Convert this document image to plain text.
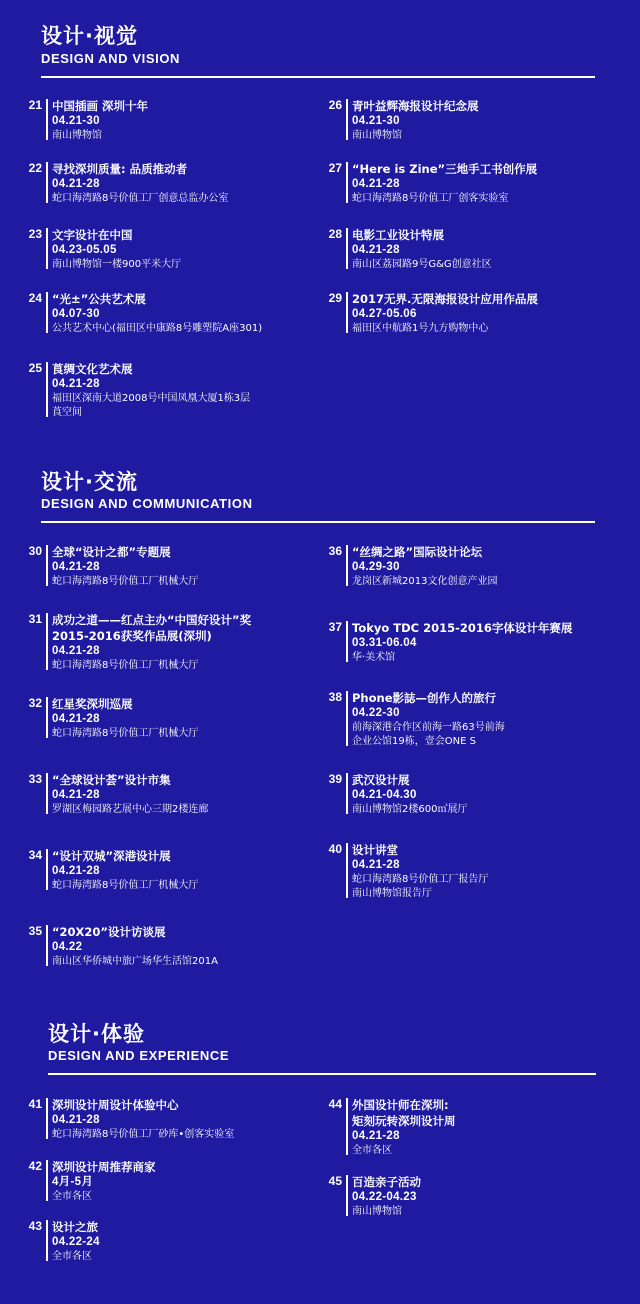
设计·视觉
DESIGN AND VISION
设计·交流
DESIGN AND COMMUNICATION
设计·体验
DESIGN AND EXPERIENCE
21 中国插画 深圳十年
04.21-30
南山博物馆
22 寻找深圳质量: 品质推动者
04.21-28
蛇口海湾路8号价值工厂创意总监办公室
23 文字设计在中国
04.23-05.05
南山博物馆一楼900平米大厅
24 “光±”公共艺术展
04.07-30
公共艺术中心(福田区中康路8号雕塑院A座301)
25 莨绸文化艺术展
04.21-28
福田区深南大道2008号中国凤凰大厦1栋3层
莨空间
26 青叶益辉海报设计纪念展
04.21-30
南山博物馆
27 “Here is Zine”三地手工书创作展
04.21-28
蛇口海湾路8号价值工厂创客实验室
28 电影工业设计特展
04.21-28
南山区荔园路9号G&G创意社区
29 2017无界.无限海报设计应用作品展
04.27-05.06
福田区中航路1号九方购物中心
30 全球“设计之都”专题展
04.21-28
蛇口海湾路8号价值工厂机械大厅
31 成功之道——红点主办“中国好设计”奖
2015-2016获奖作品展(深圳)
04.21-28
蛇口海湾路8号价值工厂机械大厅
32 红星奖深圳巡展
04.21-28
蛇口海湾路8号价值工厂机械大厅
33 “全球设计荟”设计市集
04.21-28
罗湖区梅园路艺展中心三期2楼连廊
34 “设计双城”深港设计展
04.21-28
蛇口海湾路8号价值工厂机械大厅
35 “20X20”设计访谈展
04.22
南山区华侨城中旅广场华生活馆201A
36 “丝绸之路”国际设计论坛
04.29-30
龙岗区新城2013文化创意产业园
37 Tokyo TDC 2015-2016字体设计年赛展
03.31-06.04
华·美术馆
38 Phone影誌—创作人的旅行
04.22-30
前海深港合作区前海一路63号前海
企业公馆19栋，壹会ONE S
39 武汉设计展
04.21-04.30
南山博物馆2楼600㎡展厅
40 设计讲堂
04.21-28
蛇口海湾路8号价值工厂报告厅
南山博物馆报告厅
41 深圳设计周设计体验中心
04.21-28
蛇口海湾路8号价值工厂砂库•创客实验室
42 深圳设计周推荐商家
4月-5月
全市各区
43 设计之旅
04.22-24
全市各区
44 外国设计师在深圳:
矩刻玩转深圳设计周
04.21-28
全市各区
45 百造亲子活动
04.22-04.23
南山博物馆
